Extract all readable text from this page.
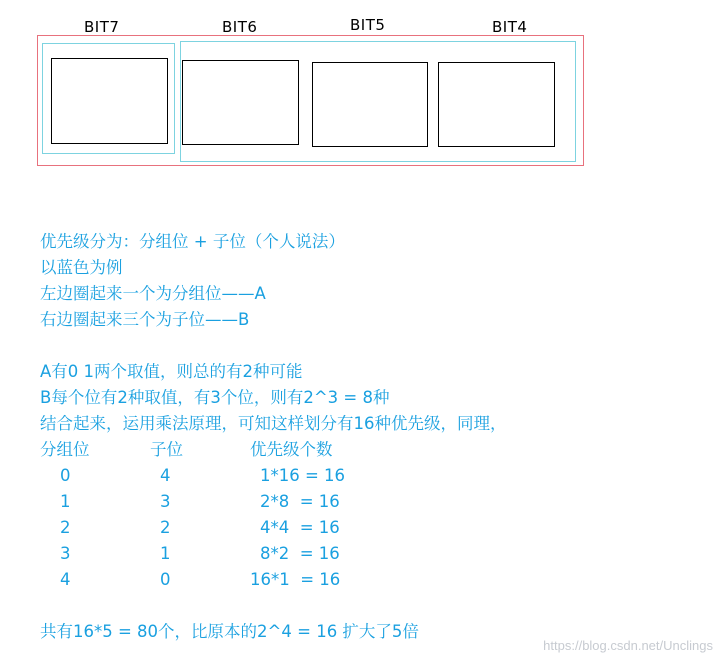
BIT7	BIT6	BIT5	BIT4
优先级分为：分组位 + 子位（个人说法）
以蓝色为例
左边圈起来一个为分组位——A
右边圈起来三个为子位——B
A有0 1两个取值，则总的有2种可能
B每个位有2种取值，有3个位，则有2^3 = 8种
结合起来，运用乘法原理，可知这样划分有16种优先级，同理，
分组位	子位	优先级个数
0	4	1*16 = 16
1	3	2*8  = 16
2	2	4*4  = 16
3	1	8*2  = 16
4	0	16*1  = 16
共有16*5 = 80个，比原本的2^4 = 16 扩大了5倍
https://blog.csdn.net/Unclings
